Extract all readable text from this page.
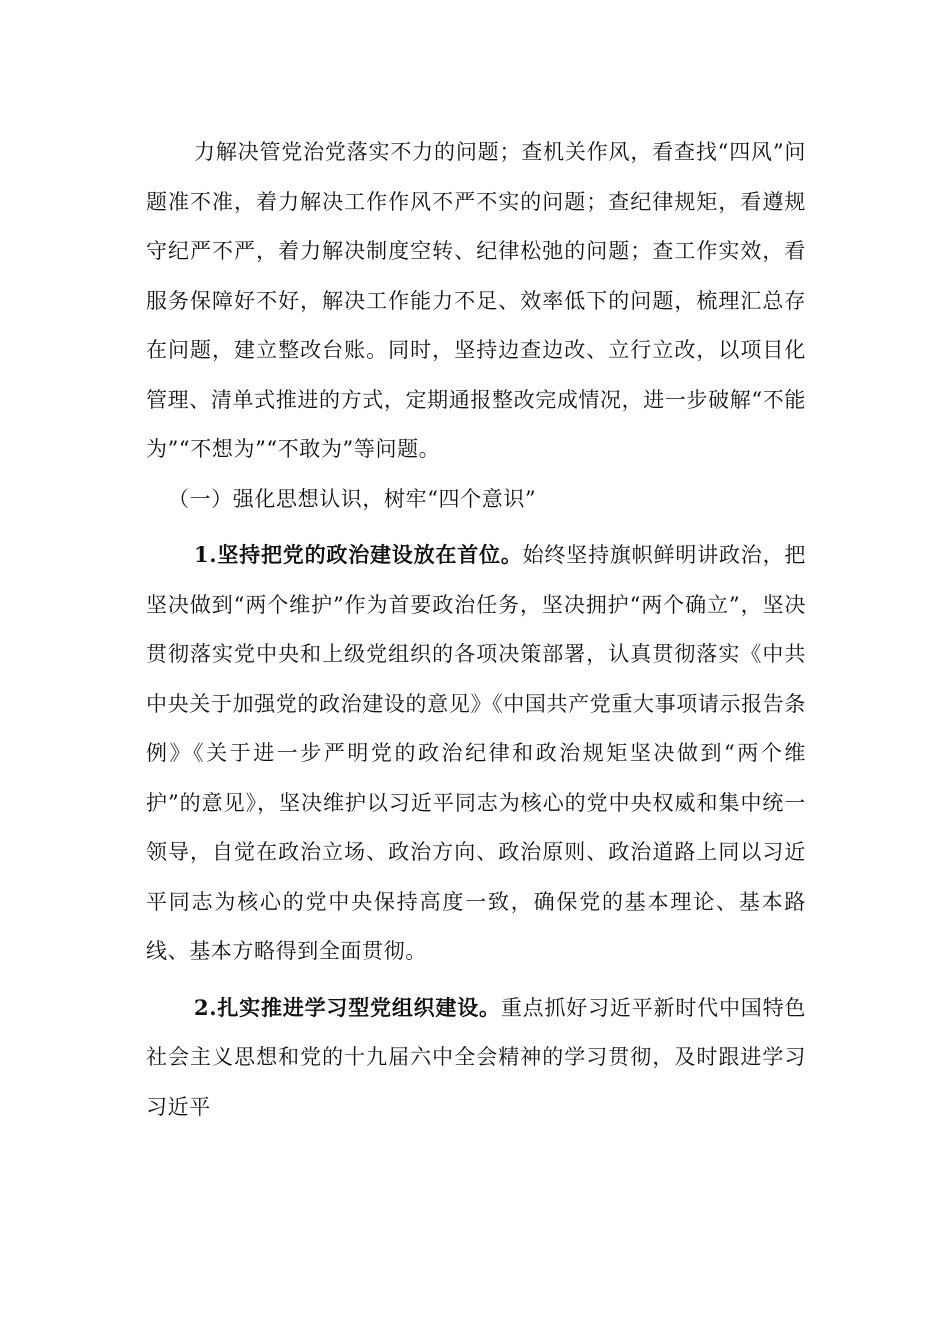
力解决管党治党落实不力的问题；查机关作风，看查找“四风”问题准不准，着力解决工作作风不严不实的问题；查纪律规矩，看遵规守纪严不严，着力解决制度空转、纪律松弛的问题；查工作实效，看服务保障好不好，解决工作能力不足、效率低下的问题，梳理汇总存在问题，建立整改台账。同时，坚持边查边改、立行立改，以项目化管理、清单式推进的方式，定期通报整改完成情况，进一步破解“不能为”“不想为”“不敢为”等问题。

（一）强化思想认识，树牢“四个意识”

1.坚持把党的政治建设放在首位。始终坚持旗帜鲜明讲政治，把坚决做到“两个维护”作为首要政治任务，坚决拥护“两个确立”，坚决贯彻落实党中央和上级党组织的各项决策部署，认真贯彻落实《中共中央关于加强党的政治建设的意见》《中国共产党重大事项请示报告条例》《关于进一步严明党的政治纪律和政治规矩坚决做到“两个维护”的意见》，坚决维护以习近平同志为核心的党中央权威和集中统一领导，自觉在政治立场、政治方向、政治原则、政治道路上同以习近平同志为核心的党中央保持高度一致，确保党的基本理论、基本路线、基本方略得到全面贯彻。

2.扎实推进学习型党组织建设。重点抓好习近平新时代中国特色社会主义思想和党的十九届六中全会精神的学习贯彻，及时跟进学习习近平
